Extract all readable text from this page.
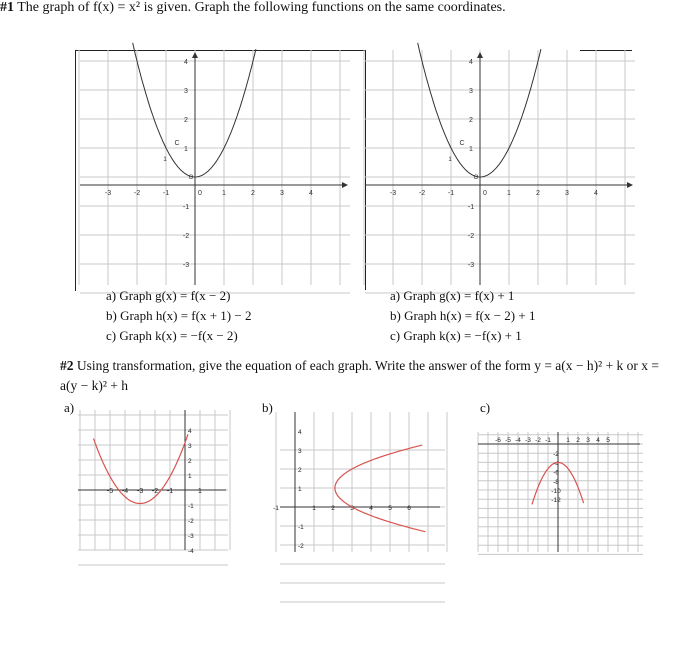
#1 The graph of f(x) = x² is given. Graph the following functions on the same coordinates.
-3	-2	-1	0	1	2	3	4
4
3
2
1
-1
-2
-3
C
1
O
-3	-2	-1	0	1	2	3	4
4
3
2
1
-1
-2
-3
C
1
O
a) Graph g(x) = f(x − 2)
b) Graph h(x) = f(x + 1) − 2
c) Graph k(x) = −f(x − 2)
a) Graph g(x) = f(x) + 1
b) Graph h(x) = f(x − 2) + 1
c) Graph k(x) = −f(x) + 1
#2 Using transformation, give the equation of each graph. Write the answer of the form y = a(x − h)² + k or x = a(y − k)² + h
a)	b)	c)
-5 -4 -3 -2 -1	1
4
3
2
1
-1
-2
-3
-4
-1	1 2 3 4 5 6
4
3
2
1
-1
-2
-6 -5 -4 -3 -2 -1 1 2 3 4 5
-2
-4
-6
-8
-10
-12
